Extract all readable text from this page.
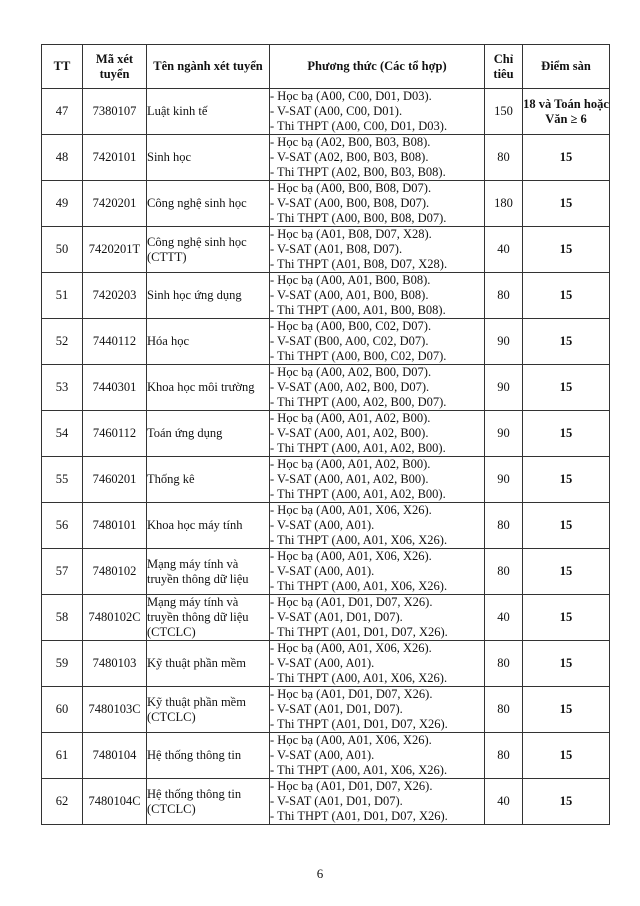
TT	Mã xét tuyển	Tên ngành xét tuyển	Phương thức (Các tổ hợp)	Chỉ tiêu	Điểm sàn
47	7380107	Luật kinh tế	- Học bạ (A00, C00, D01, D03).
- V-SAT (A00, C00, D01).
- Thi THPT (A00, C00, D01, D03).	150	18 và Toán hoặc Văn ≥ 6
48	7420101	Sinh học	- Học bạ (A02, B00, B03, B08).
- V-SAT (A02, B00, B03, B08).
- Thi THPT (A02, B00, B03, B08).	80	15
49	7420201	Công nghệ sinh học	- Học bạ (A00, B00, B08, D07).
- V-SAT (A00, B00, B08, D07).
- Thi THPT (A00, B00, B08, D07).	180	15
50	7420201T	Công nghệ sinh học (CTTT)	- Học bạ (A01, B08, D07, X28).
- V-SAT (A01, B08, D07).
- Thi THPT (A01, B08, D07, X28).	40	15
51	7420203	Sinh học ứng dụng	- Học bạ (A00, A01, B00, B08).
- V-SAT (A00, A01, B00, B08).
- Thi THPT (A00, A01, B00, B08).	80	15
52	7440112	Hóa học	- Học bạ (A00, B00, C02, D07).
- V-SAT (B00, A00, C02, D07).
- Thi THPT (A00, B00, C02, D07).	90	15
53	7440301	Khoa học môi trường	- Học bạ (A00, A02, B00, D07).
- V-SAT (A00, A02, B00, D07).
- Thi THPT (A00, A02, B00, D07).	90	15
54	7460112	Toán ứng dụng	- Học bạ (A00, A01, A02, B00).
- V-SAT (A00, A01, A02, B00).
- Thi THPT (A00, A01, A02, B00).	90	15
55	7460201	Thống kê	- Học bạ (A00, A01, A02, B00).
- V-SAT (A00, A01, A02, B00).
- Thi THPT (A00, A01, A02, B00).	90	15
56	7480101	Khoa học máy tính	- Học bạ (A00, A01, X06, X26).
- V-SAT (A00, A01).
- Thi THPT (A00, A01, X06, X26).	80	15
57	7480102	Mạng máy tính và truyền thông dữ liệu	- Học bạ (A00, A01, X06, X26).
- V-SAT (A00, A01).
- Thi THPT (A00, A01, X06, X26).	80	15
58	7480102C	Mạng máy tính và truyền thông dữ liệu (CTCLC)	- Học bạ (A01, D01, D07, X26).
- V-SAT (A01, D01, D07).
- Thi THPT (A01, D01, D07, X26).	40	15
59	7480103	Kỹ thuật phần mềm	- Học bạ (A00, A01, X06, X26).
- V-SAT (A00, A01).
- Thi THPT (A00, A01, X06, X26).	80	15
60	7480103C	Kỹ thuật phần mềm (CTCLC)	- Học bạ (A01, D01, D07, X26).
- V-SAT (A01, D01, D07).
- Thi THPT (A01, D01, D07, X26).	80	15
61	7480104	Hệ thống thông tin	- Học bạ (A00, A01, X06, X26).
- V-SAT (A00, A01).
- Thi THPT (A00, A01, X06, X26).	80	15
62	7480104C	Hệ thống thông tin (CTCLC)	- Học bạ (A01, D01, D07, X26).
- V-SAT (A01, D01, D07).
- Thi THPT (A01, D01, D07, X26).	40	15
6
